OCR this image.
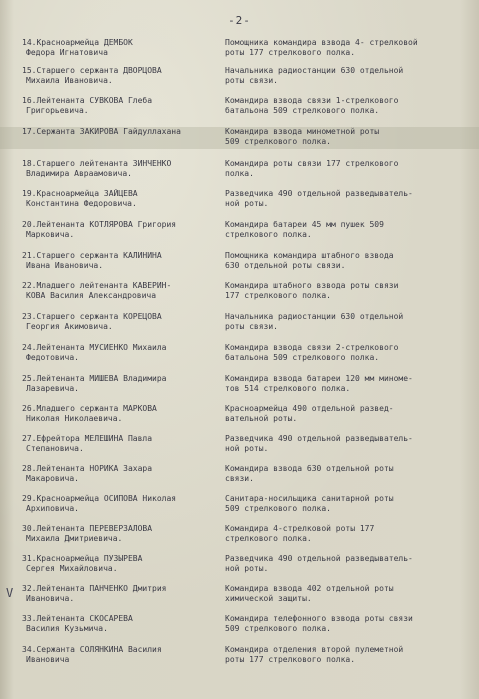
-2-
V
14.Красноармейца ДЕМБОК
Федора Игнатовича
Помощника командира взвода 4- стрелковой
роты 177 стрелкового полка.
15.Старшего сержанта ДВОРЦОВА
Михаила Ивановича.
Начальника радиостанции 630 отдельной
роты связи.
16.Лейтенанта СУВКОВА Глеба
Григорьевича.
Командира взвода связи 1-стрелкового
батальона 509 стрелкового полка.
17.Сержанта ЗАКИРОВА Гайдуллахана	Командира взвода минометной роты
509 стрелкового полка.
18.Старшего лейтенанта ЗИНЧЕНКО
Владимира Авраамовича.
Командира роты связи 177 стрелкового
полка.
19.Красноармейца ЗАЙЦЕВА
Константина Федоровича.
Разведчика 490 отдельной разведыватель-
ной роты.
20.Лейтенанта КОТЛЯРОВА Григория
Марковича.
Командира батареи 45 мм пушек 509
стрелкового полка.
21.Старшего сержанта КАЛИНИНА
Ивана Ивановича.
Помощника командира штабного взвода
630 отдельной роты связи.
22.Младшего лейтенанта КАВЕРИН-
КОВА Василия Александровича
Командира штабного взвода роты связи
177 стрелкового полка.
23.Старшего сержанта КОРЕЦОВА
Георгия Акимовича.
Начальника радиостанции 630 отдельной
роты связи.
24.Лейтенанта МУСИЕНКО Михаила
Федотовича.
Командира взвода связи 2-стрелкового
батальона 509 стрелкового полка.
25.Лейтенанта МИШЕВА Владимира
Лазаревича.
Командира взвода батареи 120 мм миноме-
тов 514 стрелкового полка.
26.Младшего сержанта МАРКОВА
Николая Николаевича.
Красноармейца 490 отдельной развед-
вательной роты.
27.Ефрейтора МЕЛЕШИНА Павла
Степановича.
Разведчика 490 отдельной разведыватель-
ной роты.
28.Лейтенанта НОРИКА Захара
Макаровича.
Командира взвода 630 отдельной роты
связи.
29.Красноармейца ОСИПОВА Николая
Архиповича.
Санитара-носильщика санитарной роты
509 стрелкового полка.
30.Лейтенанта ПЕРЕВЕРЗАЛОВА
Михаила Дмитриевича.
Командира 4-стрелковой роты 177
стрелкового полка.
31.Красноармейца ПУЗЫРЕВА
Сергея Михайловича.
Разведчика 490 отдельной разведыватель-
ной роты.
32.Лейтенанта ПАНЧЕНКО Дмитрия
Ивановича.
Командира взвода 402 отдельной роты
химической защиты.
33.Лейтенанта СКОСАРЕВА
Василия Кузьмича.
Командира телефонного взвода роты связи
509 стрелкового полка.
34.Сержанта СОЛЯНКИНА Василия
Ивановича
Командира отделения второй пулеметной
роты 177 стрелкового полка.
